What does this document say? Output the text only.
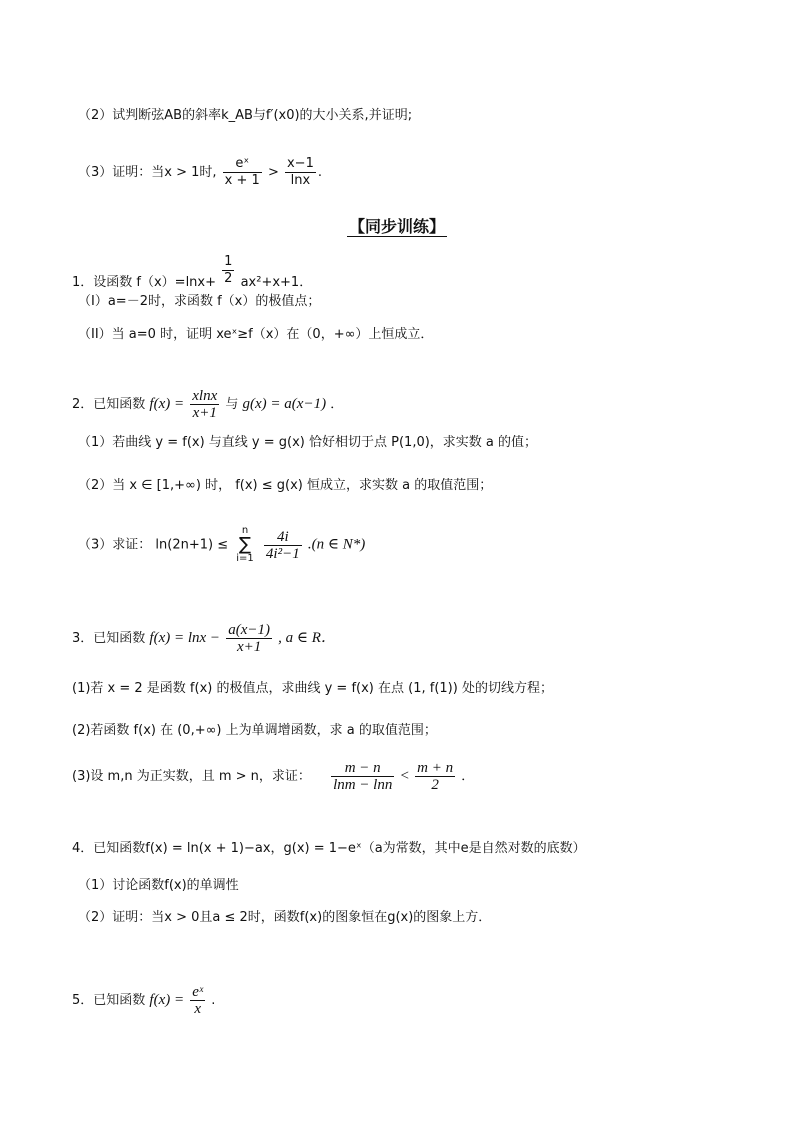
（2）试判断弦AB的斜率k_AB与f′(x0)的大小关系,并证明;
（3）证明：当x > 1时, $\frac{\text{eˣ}}{x + 1} > \frac{x-1}{\ln x}$ .
【同步训练】
1．设函数 $f(x)=\ln x+ \frac{1}{2} ax^2+x+1$．
（I）a=－2时，求函数 f（x）的极值点；
（II）当 a=0 时，证明 xeˣ≥f（x）在（0，+∞）上恒成立．
2．已知函数 $f(x) = \frac{xlnx}{x+1}$ 与 g(x) = a(x−1) ．
（1）若曲线 y = f(x) 与直线 y = g(x) 恰好相切于点 P(1,0)，求实数 a 的值；
（2）当 x ∈ [1,+∞) 时， f(x) ≤ g(x) 恒成立，求实数 a 的取值范围；
（3）求证： ln(2n+1) ≤
n
∑
i=1
$\frac{4i}{\text{4i²−1}} .(n$ ∈ N*)
3．已知函数 $f(x) = \ln x - \frac{a(x-1)}{x+1}$ , a ∈ R．
(1)若 x = 2 是函数 f(x) 的极值点，求曲线 y = f(x) 在点 (1, f(1)) 处的切线方程；
(2)若函数 f(x) 在 (0,+∞) 上为单调增函数，求 a 的取值范围；
(3)设 m,n 为正实数，且 m > n，求证： $\frac{m - n}{\ln m - \ln n} < \frac{m + n}{2}$ ．
4．已知函数f(x) = ln(x + 1)−ax，g(x) = 1−eˣ（a为常数，其中e是自然对数的底数）
（1）讨论函数f(x)的单调性
（2）证明：当x > 0且a ≤ 2时，函数f(x)的图象恒在g(x)的图象上方．
5．已知函数 $f(x) = \frac{\text{eˣ}}{x}$ .
